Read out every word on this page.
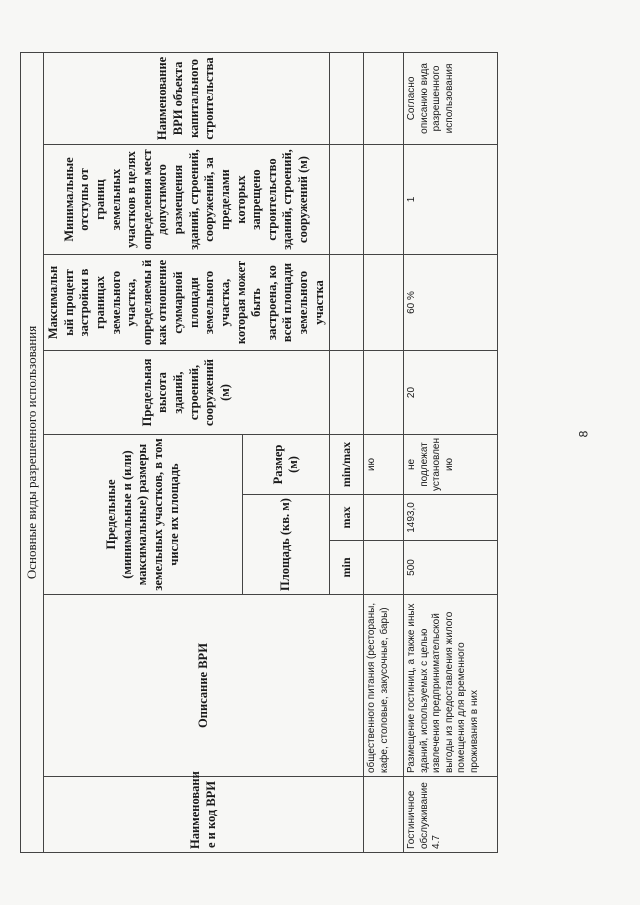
Основные виды разрешенного использования								
Наименовани е и код ВРИ	Описание ВРИ	Предельные (минимальные и (или) максимальные) размеры земельных участков, в том числе их площадь			Предельная высота зданий, строений, сооружений (м)	Максимальн ый процент застройки в границах земельного участка, определяемы й как отношение суммарной площади земельного участка, которая может быть застроена, ко всей площади земельного участка	Минимальные отступы от границ земельных участков в целях определения мест допустимого размещения зданий, строений, сооружений, за пределами которых запрещено строительство зданий, строений, сооружений (м)	Наименование ВРИ объекта капитального строительства
		Площадь (кв. м)		Размер (м)				
		min	max	min/max				
	общественного питания (рестораны, кафе, столовые, закусочные, бары)			ию				
Гостиничное обслуживание 4.7	Размещение гостиниц, а также иных зданий, используемых с целью извлечения предпринимательской выгоды из предоставления жилого помещения для временного проживания в них	500	1493,0	не подлежат установлен ию	20	60 %	1	Согласно описанию вида разрешенного использования
8
